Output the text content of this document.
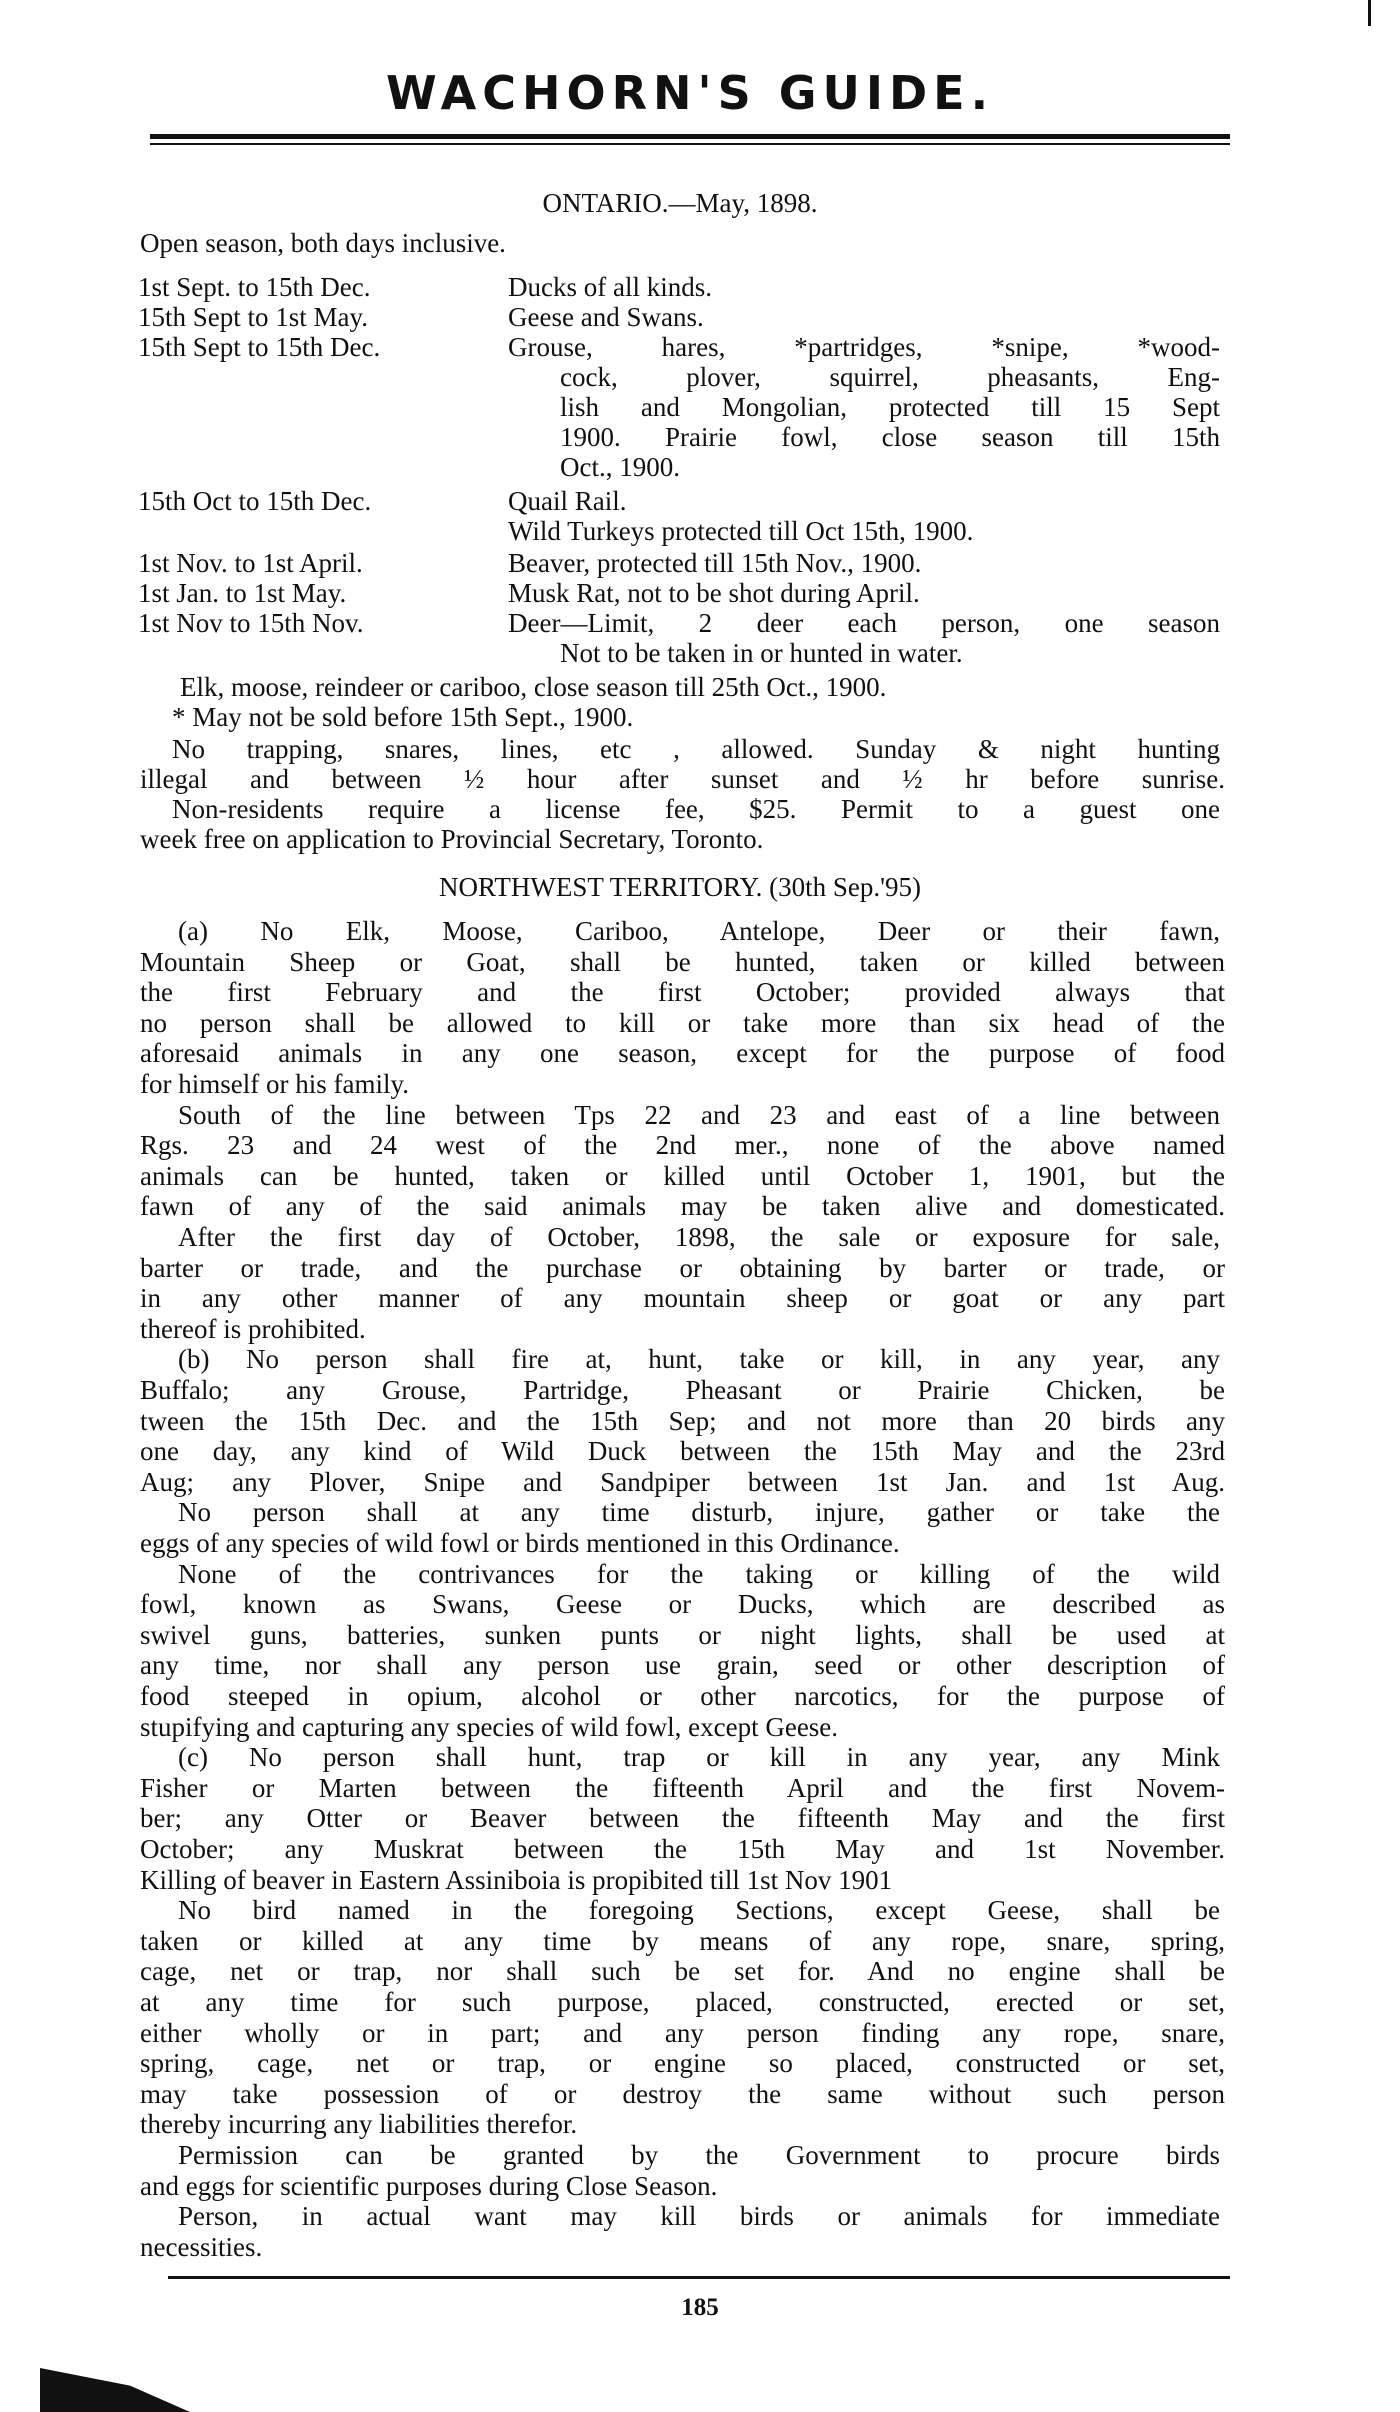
WACHORN'S GUIDE.
ONTARIO.—May, 1898.
Open season, both days inclusive.
1st Sept. to 15th Dec.	Ducks of all kinds.
15th Sept to 1st May.	Geese and Swans.
15th Sept to 15th Dec.	Grouse, hares, *partridges, *snipe, *wood-
cock, plover, squirrel, pheasants, Eng-
lish and Mongolian, protected till 15 Sept
1900. Prairie fowl, close season till 15th
Oct., 1900.
15th Oct to 15th Dec.	Quail Rail.
Wild Turkeys protected till Oct 15th, 1900.
1st Nov. to 1st April.	Beaver, protected till 15th Nov., 1900.
1st Jan. to 1st May.	Musk Rat, not to be shot during April.
1st Nov to 15th Nov.	Deer—Limit, 2 deer each person, one season
Not to be taken in or hunted in water.
Elk, moose, reindeer or cariboo, close season till 25th Oct., 1900.
* May not be sold before 15th Sept., 1900.
No trapping, snares, lines, etc , allowed. Sunday & night hunting
illegal and between ½ hour after sunset and ½ hr before sunrise.
Non-residents require a license fee, $25. Permit to a guest one
week free on application to Provincial Secretary, Toronto.
NORTHWEST TERRITORY. (30th Sep.'95)
(a) No Elk, Moose, Cariboo, Antelope, Deer or their fawn,
Mountain Sheep or Goat, shall be hunted, taken or killed between
the first February and the first October; provided always that
no person shall be allowed to kill or take more than six head of the
aforesaid animals in any one season, except for the purpose of food
for himself or his family.
South of the line between Tps 22 and 23 and east of a line between
Rgs. 23 and 24 west of the 2nd mer., none of the above named
animals can be hunted, taken or killed until October 1, 1901, but the
fawn of any of the said animals may be taken alive and domesticated.
After the first day of October, 1898, the sale or exposure for sale,
barter or trade, and the purchase or obtaining by barter or trade, or
in any other manner of any mountain sheep or goat or any part
thereof is prohibited.
(b) No person shall fire at, hunt, take or kill, in any year, any
Buffalo; any Grouse, Partridge, Pheasant or Prairie Chicken, be
tween the 15th Dec. and the 15th Sep; and not more than 20 birds any
one day, any kind of Wild Duck between the 15th May and the 23rd
Aug; any Plover, Snipe and Sandpiper between 1st Jan. and 1st Aug.
No person shall at any time disturb, injure, gather or take the
eggs of any species of wild fowl or birds mentioned in this Ordinance.
None of the contrivances for the taking or killing of the wild
fowl, known as Swans, Geese or Ducks, which are described as
swivel guns, batteries, sunken punts or night lights, shall be used at
any time, nor shall any person use grain, seed or other description of
food steeped in opium, alcohol or other narcotics, for the purpose of
stupifying and capturing any species of wild fowl, except Geese.
(c) No person shall hunt, trap or kill in any year, any Mink
Fisher or Marten between the fifteenth April and the first Novem-
ber; any Otter or Beaver between the fifteenth May and the first
October; any Muskrat between the 15th May and 1st November.
Killing of beaver in Eastern Assiniboia is propibited till 1st Nov 1901
No bird named in the foregoing Sections, except Geese, shall be
taken or killed at any time by means of any rope, snare, spring,
cage, net or trap, nor shall such be set for. And no engine shall be
at any time for such purpose, placed, constructed, erected or set,
either wholly or in part; and any person finding any rope, snare,
spring, cage, net or trap, or engine so placed, constructed or set,
may take possession of or destroy the same without such person
thereby incurring any liabilities therefor.
Permission can be granted by the Government to procure birds
and eggs for scientific purposes during Close Season.
Person, in actual want may kill birds or animals for immediate
necessities.
185
